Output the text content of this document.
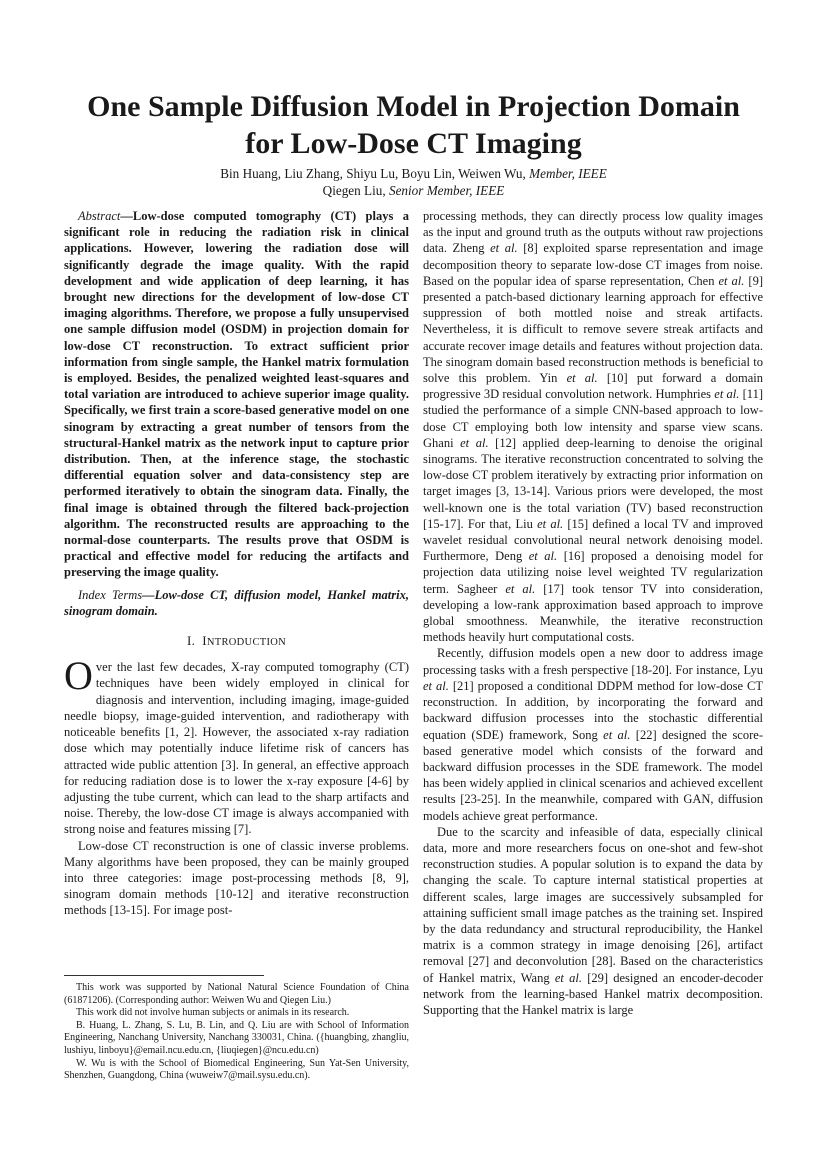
One Sample Diffusion Model in Projection Domain for Low-Dose CT Imaging
Bin Huang, Liu Zhang, Shiyu Lu, Boyu Lin, Weiwen Wu, Member, IEEE
Qiegen Liu, Senior Member, IEEE

Abstract—Low-dose computed tomography (CT) plays a significant role in reducing the radiation risk in clinical applications. However, lowering the radiation dose will significantly degrade the image quality. With the rapid development and wide application of deep learning, it has brought new directions for the development of low-dose CT imaging algorithms. Therefore, we propose a fully unsupervised one sample diffusion model (OSDM) in projection domain for low-dose CT reconstruction. To extract sufficient prior information from single sample, the Hankel matrix formulation is employed. Besides, the penalized weighted least-squares and total variation are introduced to achieve superior image quality. Specifically, we first train a score-based generative model on one sinogram by extracting a great number of tensors from the structural-Hankel matrix as the network input to capture prior distribution. Then, at the inference stage, the stochastic differential equation solver and data-consistency step are performed iteratively to obtain the sinogram data. Finally, the final image is obtained through the filtered back-projection algorithm. The reconstructed results are approaching to the normal-dose counterparts. The results prove that OSDM is practical and effective model for reducing the artifacts and preserving the image quality.

Index Terms—Low-dose CT, diffusion model, Hankel matrix, sinogram domain.

I. INTRODUCTION

Over the last few decades, X-ray computed tomography (CT) techniques have been widely employed in clinical for diagnosis and intervention, including imaging, image-guided needle biopsy, image-guided intervention, and radiotherapy with noticeable benefits [1, 2]. However, the associated x-ray radiation dose which may potentially induce lifetime risk of cancers has attracted wide public attention [3]. In general, an effective approach for reducing radiation dose is to lower the x-ray exposure [4-6] by adjusting the tube current, which can lead to the sharp artifacts and noise. Thereby, the low-dose CT image is always accompanied with strong noise and features missing [7].

Low-dose CT reconstruction is one of classic inverse problems. Many algorithms have been proposed, they can be mainly grouped into three categories: image post-processing methods [8, 9], sinogram domain methods [10-12] and iterative reconstruction methods [13-15]. For image post-

processing methods, they can directly process low quality images as the input and ground truth as the outputs without raw projections data. Zheng et al. [8] exploited sparse representation and image decomposition theory to separate low-dose CT images from noise. Based on the popular idea of sparse representation, Chen et al. [9] presented a patch-based dictionary learning approach for effective suppression of both mottled noise and streak artifacts. Nevertheless, it is difficult to remove severe streak artifacts and accurate recover image details and features without projection data. The sinogram domain based reconstruction methods is beneficial to solve this problem. Yin et al. [10] put forward a domain progressive 3D residual convolution network. Humphries et al. [11] studied the performance of a simple CNN-based approach to low-dose CT employing both low intensity and sparse view scans. Ghani et al. [12] applied deep-learning to denoise the original sinograms. The iterative reconstruction concentrated to solving the low-dose CT problem iteratively by extracting prior information on target images [3, 13-14]. Various priors were developed, the most well-known one is the total variation (TV) based reconstruction [15-17]. For that, Liu et al. [15] defined a local TV and improved wavelet residual convolutional neural network denoising model. Furthermore, Deng et al. [16] proposed a denoising model for projection data utilizing noise level weighted TV regularization term. Sagheer et al. [17] took tensor TV into consideration, developing a low-rank approximation based approach to improve global smoothness. Meanwhile, the iterative reconstruction methods heavily hurt computational costs.

Recently, diffusion models open a new door to address image processing tasks with a fresh perspective [18-20]. For instance, Lyu et al. [21] proposed a conditional DDPM method for low-dose CT reconstruction. In addition, by incorporating the forward and backward diffusion processes into the stochastic differential equation (SDE) framework, Song et al. [22] designed the score-based generative model which consists of the forward and backward diffusion processes in the SDE framework. The model has been widely applied in clinical scenarios and achieved excellent results [23-25]. In the meanwhile, compared with GAN, diffusion models achieve great performance.

Due to the scarcity and infeasible of data, especially clinical data, more and more researchers focus on one-shot and few-shot reconstruction studies. A popular solution is to expand the data by changing the scale. To capture internal statistical properties at different scales, large images are successively subsampled for attaining sufficient small image patches as the training set. Inspired by the data redundancy and structural reproducibility, the Hankel matrix is a common strategy in image denoising [26], artifact removal [27] and deconvolution [28]. Based on the characteristics of Hankel matrix, Wang et al. [29] designed an encoder-decoder network from the learning-based Hankel matrix decomposition. Supporting that the Hankel matrix is large

This work was supported by National Natural Science Foundation of China (61871206). (Corresponding author: Weiwen Wu and Qiegen Liu.)

This work did not involve human subjects or animals in its research.

B. Huang, L. Zhang, S. Lu, B. Lin, and Q. Liu are with School of Information Engineering, Nanchang University, Nanchang 330031, China. ({huangbing, zhangliu, lushiyu, linboyu}@email.ncu.edu.cn, {liuqiegen}@ncu.edu.cn)

W. Wu is with the School of Biomedical Engineering, Sun Yat-Sen University, Shenzhen, Guangdong, China (wuweiw7@mail.sysu.edu.cn).
